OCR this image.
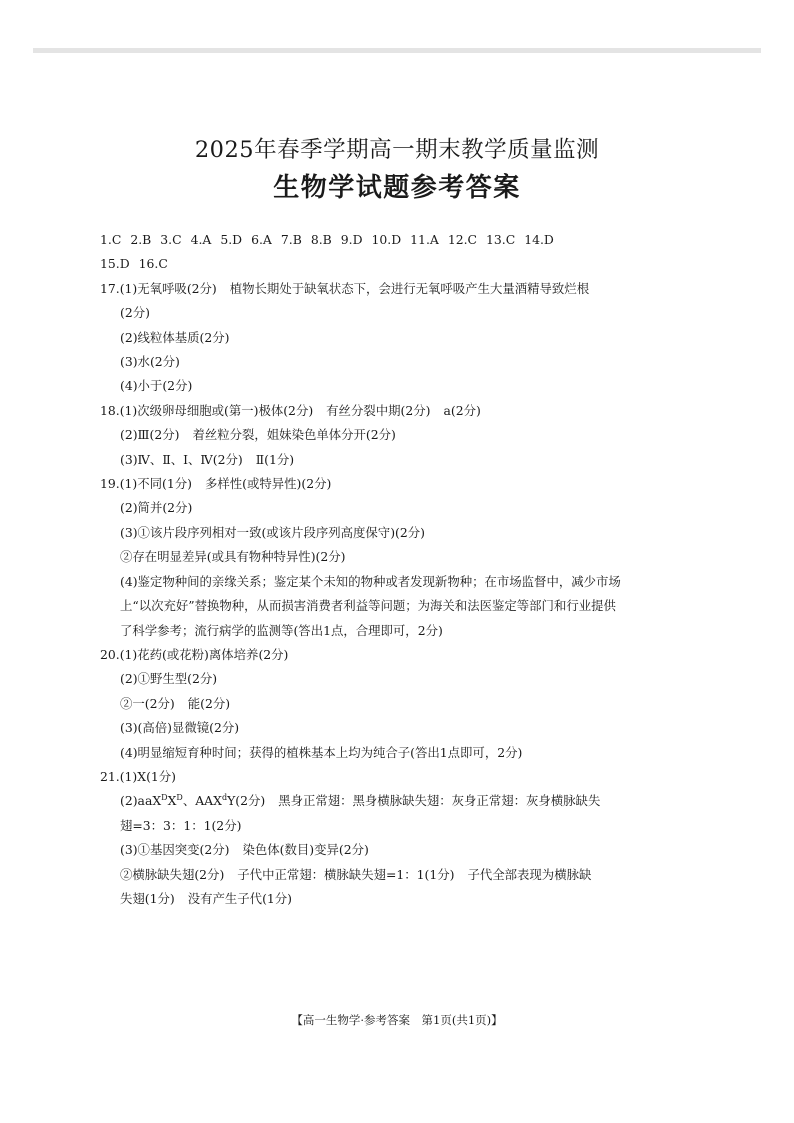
2025年春季学期高一期末教学质量监测
生物学试题参考答案
1.C 2.B 3.C 4.A 5.D 6.A 7.B 8.B 9.D 10.D 11.A 12.C 13.C 14.D
15.D 16.C
17.(1)无氧呼吸(2分) 植物长期处于缺氧状态下，会进行无氧呼吸产生大量酒精导致烂根
(2分)
(2)线粒体基质(2分)
(3)水(2分)
(4)小于(2分)
18.(1)次级卵母细胞或(第一)极体(2分) 有丝分裂中期(2分) a(2分)
(2)Ⅲ(2分) 着丝粒分裂，姐妹染色单体分开(2分)
(3)Ⅳ、Ⅱ、Ⅰ、Ⅳ(2分) Ⅱ(1分)
19.(1)不同(1分) 多样性(或特异性)(2分)
(2)简并(2分)
(3)①该片段序列相对一致(或该片段序列高度保守)(2分)
②存在明显差异(或具有物种特异性)(2分)
(4)鉴定物种间的亲缘关系；鉴定某个未知的物种或者发现新物种；在市场监督中，减少市场
上“以次充好”替换物种，从而损害消费者利益等问题；为海关和法医鉴定等部门和行业提供
了科学参考；流行病学的监测等(答出1点，合理即可，2分)
20.(1)花药(或花粉)离体培养(2分)
(2)①野生型(2分)
②一(2分) 能(2分)
(3)(高倍)显微镜(2分)
(4)明显缩短育种时间；获得的植株基本上均为纯合子(答出1点即可，2分)
21.(1)X(1分)
$(2)aaX^DX^D$、AAX$^d$Y(2分) 黑身正常翅：黑身横脉缺失翅：灰身正常翅：灰身横脉缺失
翅=3：3：1：1(2分)
(3)①基因突变(2分) 染色体(数目)变异(2分)
②横脉缺失翅(2分) 子代中正常翅：横脉缺失翅=1：1(1分) 子代全部表现为横脉缺
失翅(1分) 没有产生子代(1分)
【高一生物学·参考答案　第1页(共1页)】
